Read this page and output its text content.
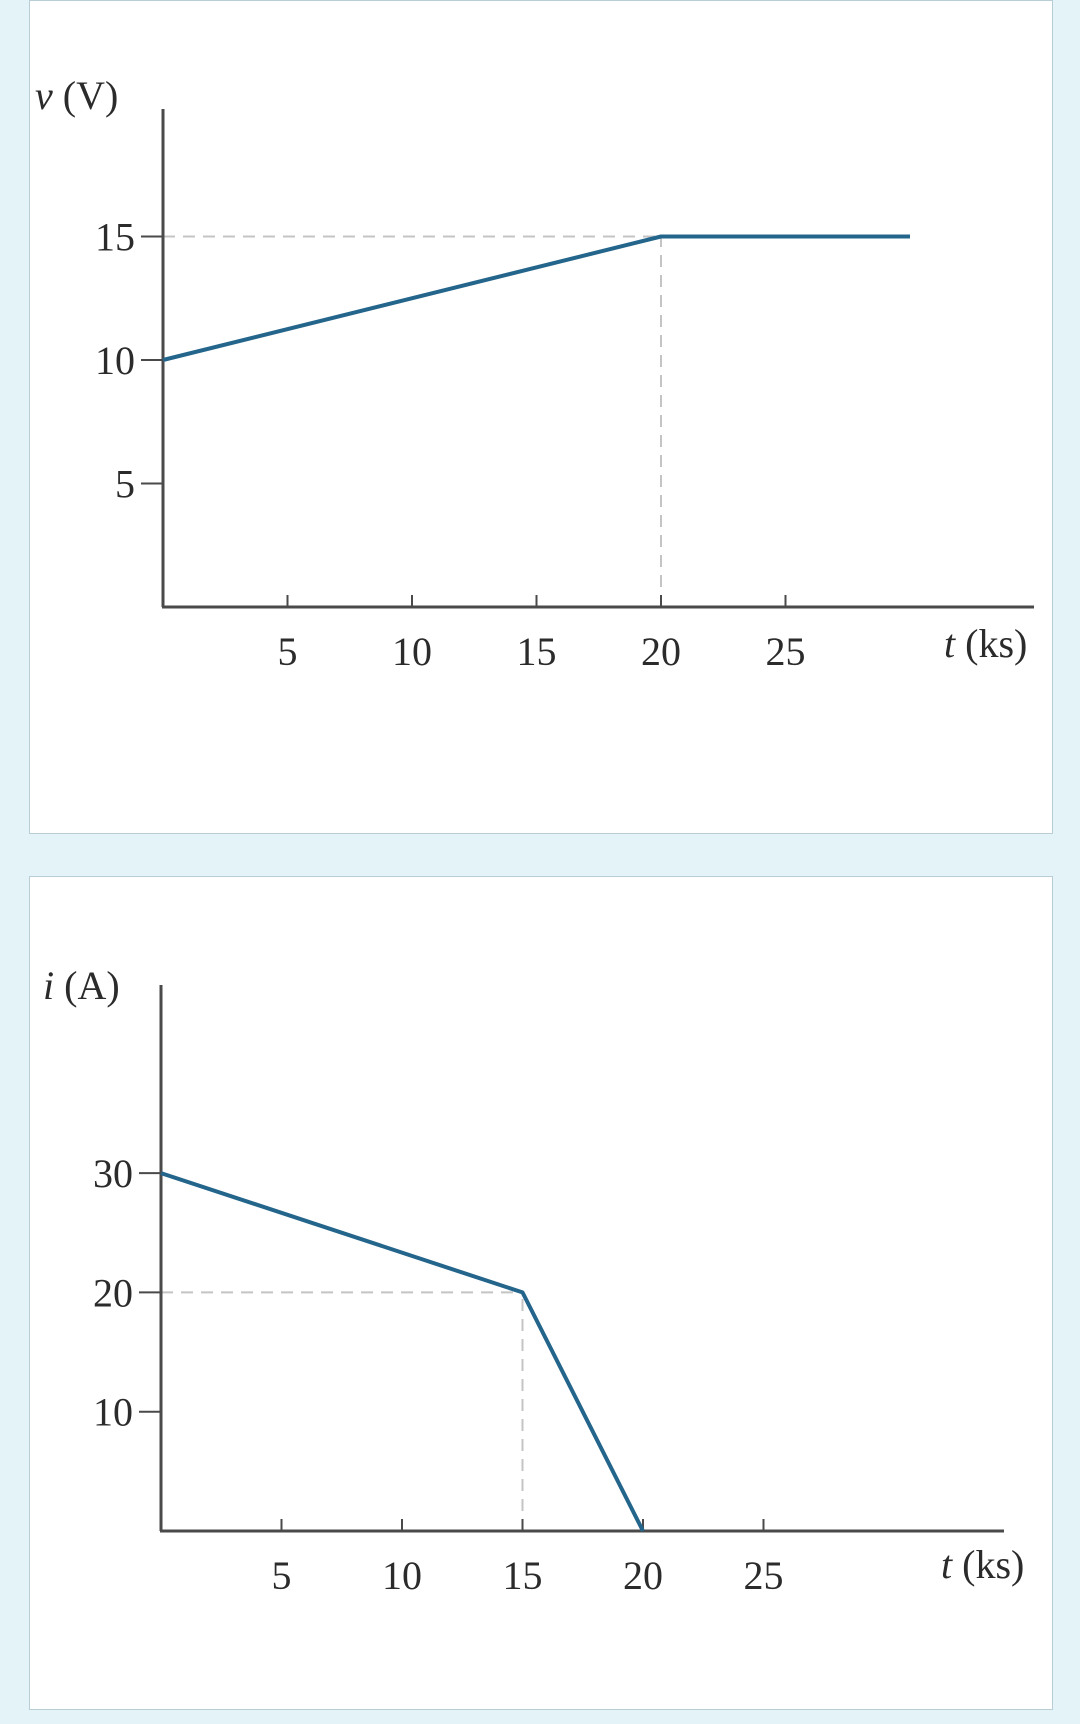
5 10 15 20 25
5
10
15
v (V)
t (ks)
5 10 15 20 25
10
20
30
i (A)
t (ks)
